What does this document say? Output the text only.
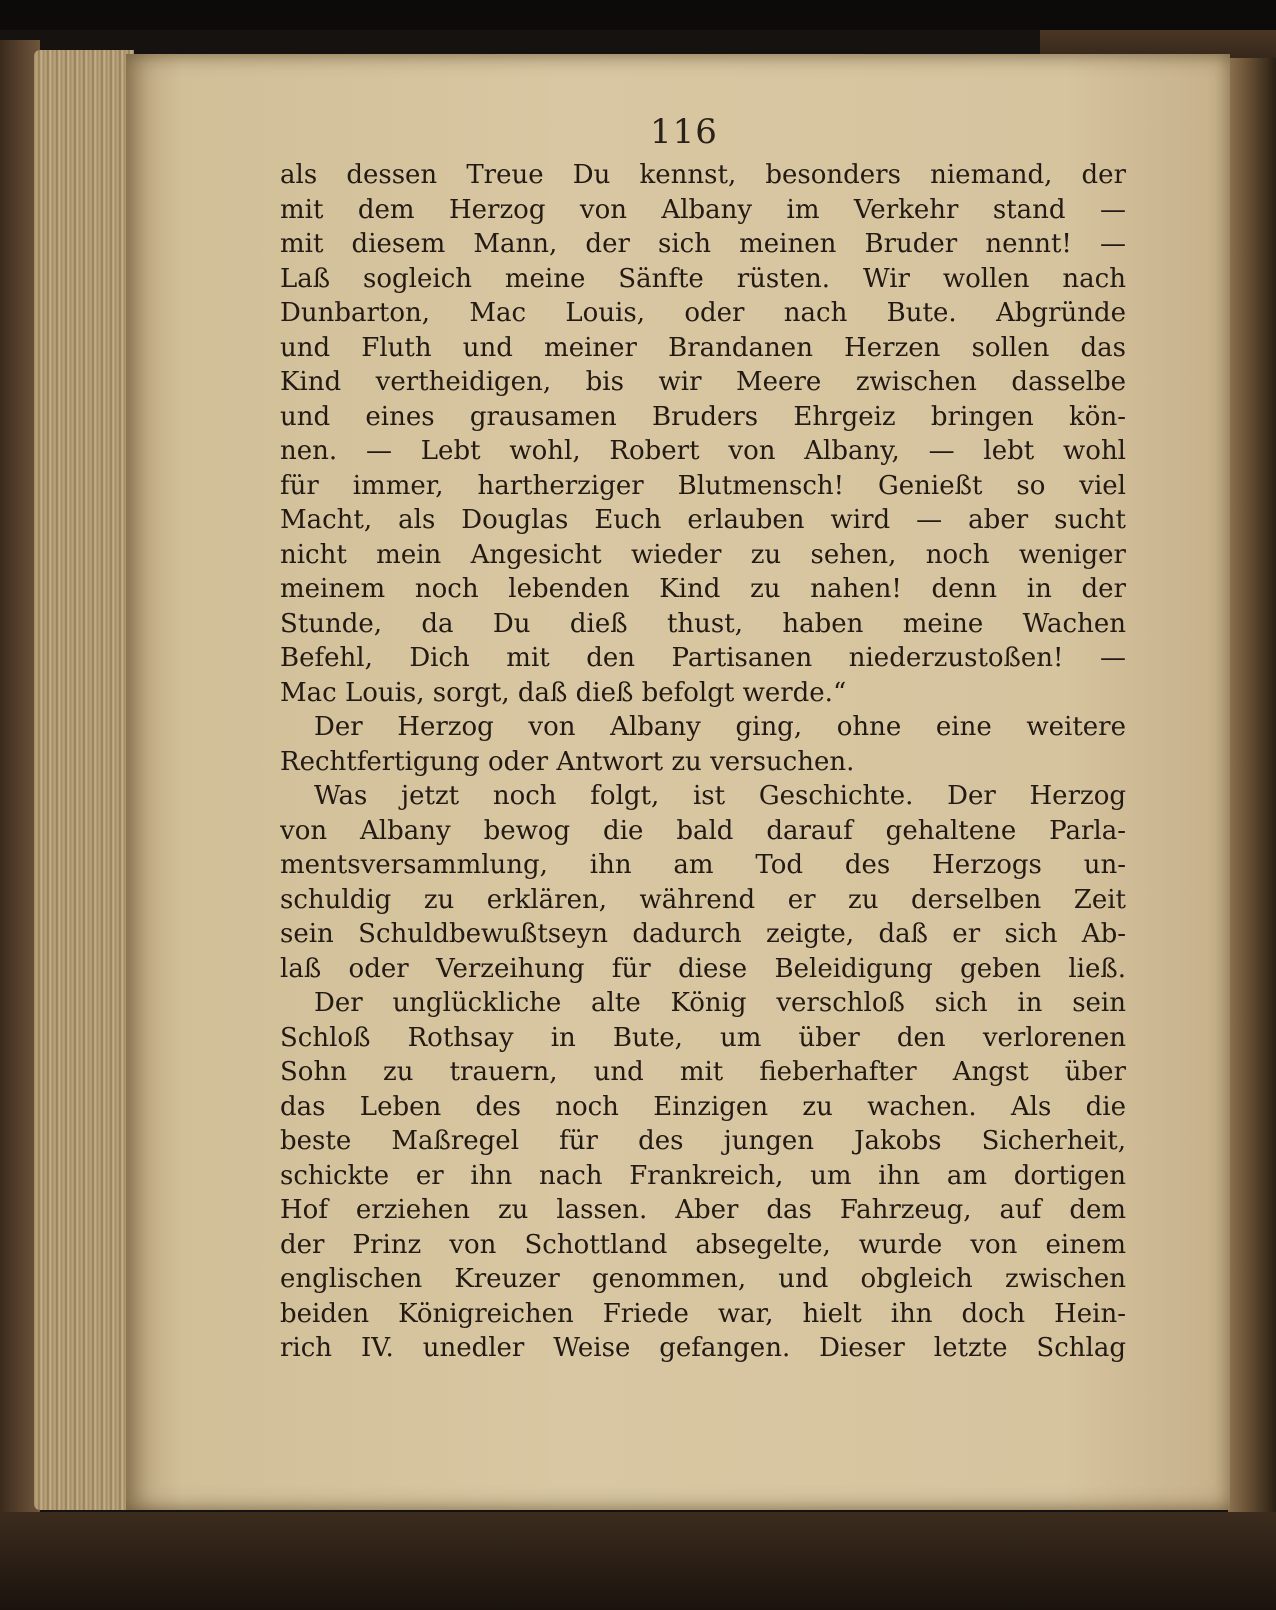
116
als dessen Treue Du kennst, besonders niemand, der
mit dem Herzog von Albany im Verkehr stand —
mit diesem Mann, der sich meinen Bruder nennt! —
Laß sogleich meine Sänfte rüsten. Wir wollen nach
Dunbarton, Mac Louis, oder nach Bute. Abgründe
und Fluth und meiner Brandanen Herzen sollen das
Kind vertheidigen, bis wir Meere zwischen dasselbe
und eines grausamen Bruders Ehrgeiz bringen kön-
nen. — Lebt wohl, Robert von Albany, — lebt wohl
für immer, hartherziger Blutmensch! Genießt so viel
Macht, als Douglas Euch erlauben wird — aber sucht
nicht mein Angesicht wieder zu sehen, noch weniger
meinem noch lebenden Kind zu nahen! denn in der
Stunde, da Du dieß thust, haben meine Wachen
Befehl, Dich mit den Partisanen niederzustoßen! —
Mac Louis, sorgt, daß dieß befolgt werde.“
Der Herzog von Albany ging, ohne eine weitere
Rechtfertigung oder Antwort zu versuchen.
Was jetzt noch folgt, ist Geschichte. Der Herzog
von Albany bewog die bald darauf gehaltene Parla-
mentsversammlung, ihn am Tod des Herzogs un-
schuldig zu erklären, während er zu derselben Zeit
sein Schuldbewußtseyn dadurch zeigte, daß er sich Ab-
laß oder Verzeihung für diese Beleidigung geben ließ.
Der unglückliche alte König verschloß sich in sein
Schloß Rothsay in Bute, um über den verlorenen
Sohn zu trauern, und mit fieberhafter Angst über
das Leben des noch Einzigen zu wachen. Als die
beste Maßregel für des jungen Jakobs Sicherheit,
schickte er ihn nach Frankreich, um ihn am dortigen
Hof erziehen zu lassen. Aber das Fahrzeug, auf dem
der Prinz von Schottland absegelte, wurde von einem
englischen Kreuzer genommen, und obgleich zwischen
beiden Königreichen Friede war, hielt ihn doch Hein-
rich IV. unedler Weise gefangen. Dieser letzte Schlag
